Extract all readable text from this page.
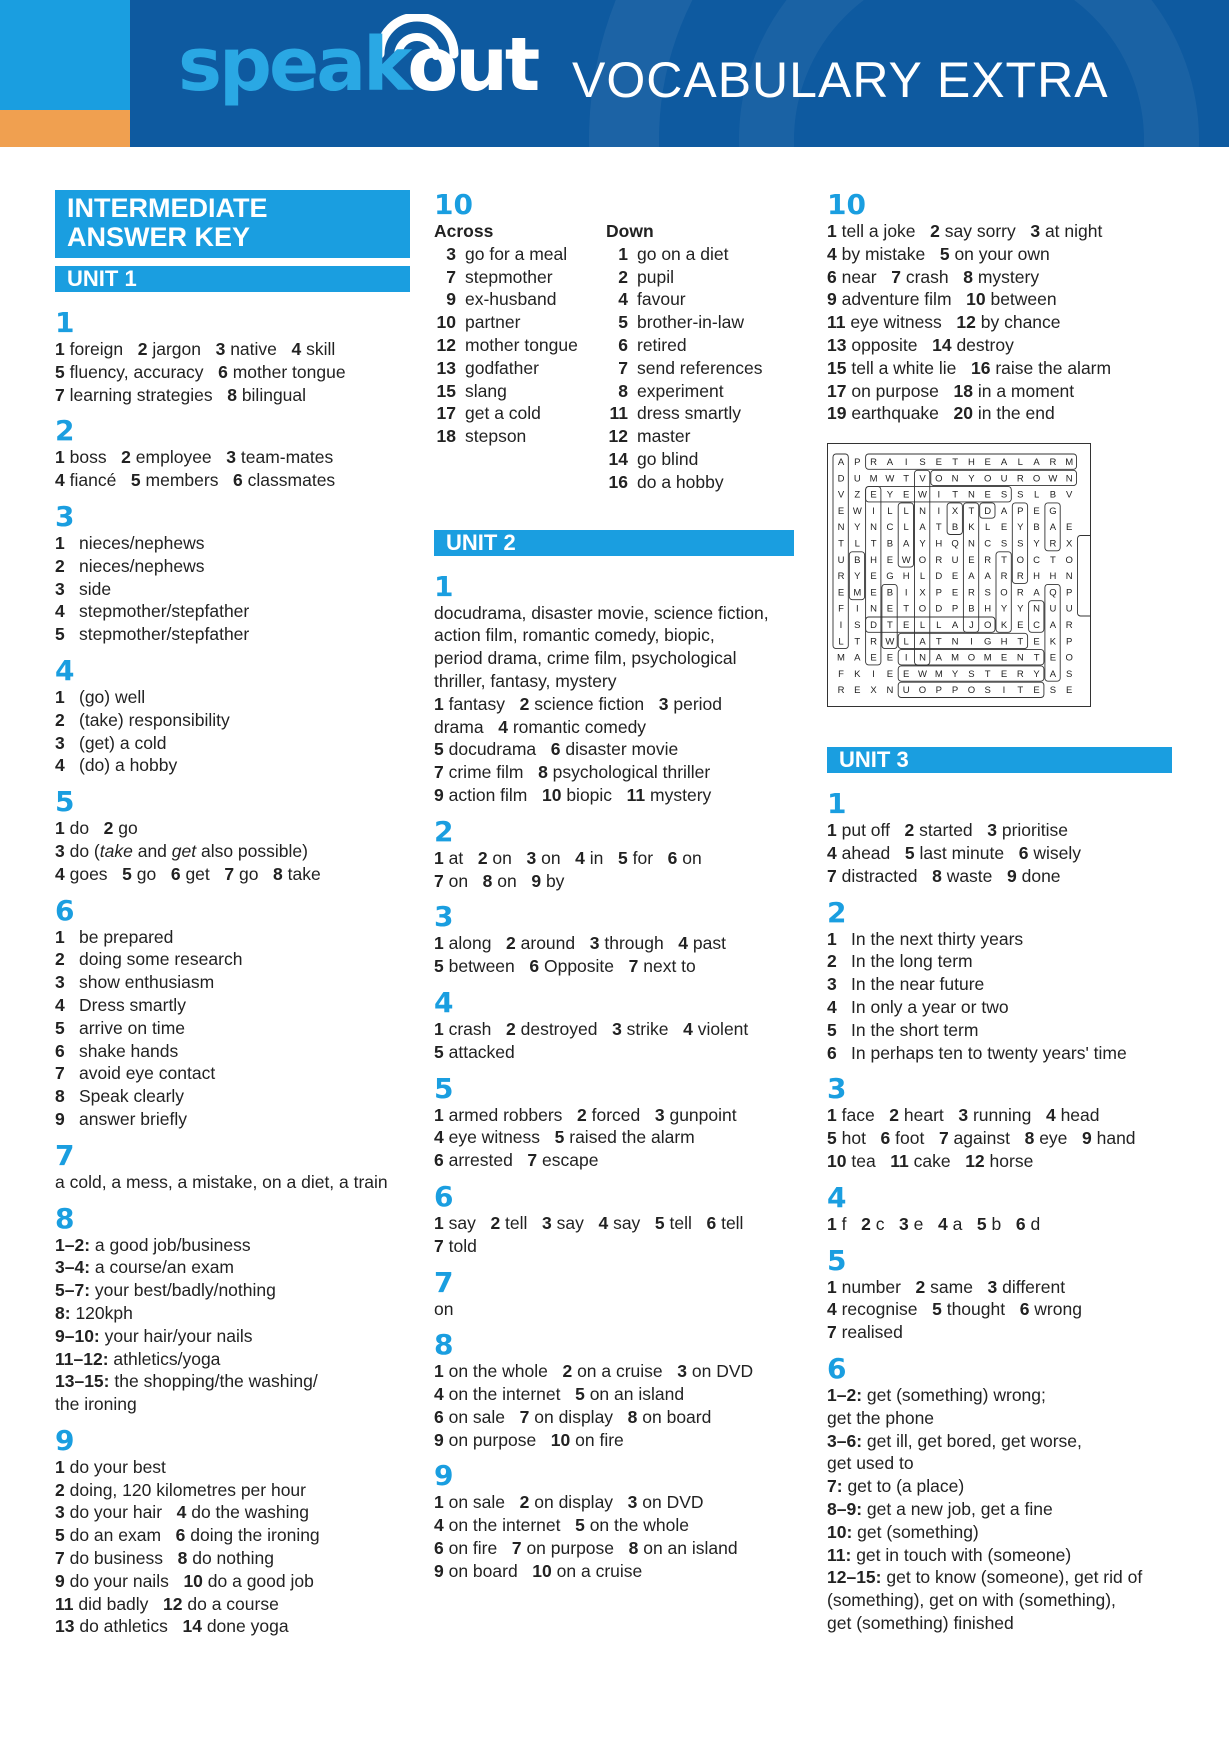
speakout VOCABULARY EXTRA
INTERMEDIATE
ANSWER KEY
UNIT 1
1
1 foreign 2 jargon 3 native 4 skill
5 fluency, accuracy 6 mother tongue
7 learning strategies 8 bilingual
2
1 boss 2 employee 3 team-mates
4 fiancé 5 members 6 classmates
3
1 nieces/nephews
2 nieces/nephews
3 side
4 stepmother/stepfather
5 stepmother/stepfather
4
1 (go) well
2 (take) responsibility
3 (get) a cold
4 (do) a hobby
5
1 do 2 go
3 do (take and get also possible)
4 goes 5 go 6 get 7 go 8 take
6
1 be prepared
2 doing some research
3 show enthusiasm
4 Dress smartly
5 arrive on time
6 shake hands
7 avoid eye contact
8 Speak clearly
9 answer briefly
7
a cold, a mess, a mistake, on a diet, a train
8
1–2: a good job/business
3–4: a course/an exam
5–7: your best/badly/nothing
8: 120kph
9–10: your hair/your nails
11–12: athletics/yoga
13–15: the shopping/the washing/
the ironing
9
1 do your best
2 doing, 120 kilometres per hour
3 do your hair 4 do the washing
5 do an exam 6 doing the ironing
7 do business 8 do nothing
9 do your nails 10 do a good job
11 did badly 12 do a course
13 do athletics 14 done yoga
10
Across
3 go for a meal
7 stepmother
9 ex-husband
10 partner
12 mother tongue
13 godfather
15 slang
17 get a cold
18 stepson
Down
1 go on a diet
2 pupil
4 favour
5 brother-in-law
6 retired
7 send references
8 experiment
11 dress smartly
12 master
14 go blind
16 do a hobby
UNIT 2
1
docudrama, disaster movie, science fiction,
action film, romantic comedy, biopic,
period drama, crime film, psychological
thriller, fantasy, mystery
1 fantasy 2 science fiction 3 period
drama 4 romantic comedy
5 docudrama 6 disaster movie
7 crime film 8 psychological thriller
9 action film 10 biopic 11 mystery
2
1 at 2 on 3 on 4 in 5 for 6 on
7 on 8 on 9 by
3
1 along 2 around 3 through 4 past
5 between 6 Opposite 7 next to
4
1 crash 2 destroyed 3 strike 4 violent
5 attacked
5
1 armed robbers 2 forced 3 gunpoint
4 eye witness 5 raised the alarm
6 arrested 7 escape
6
1 say 2 tell 3 say 4 say 5 tell 6 tell
7 told
7
on
8
1 on the whole 2 on a cruise 3 on DVD
4 on the internet 5 on an island
6 on sale 7 on display 8 on board
9 on purpose 10 on fire
9
1 on sale 2 on display 3 on DVD
4 on the internet 5 on the whole
6 on fire 7 on purpose 8 on an island
9 on board 10 on a cruise
10
1 tell a joke 2 say sorry 3 at night
4 by mistake 5 on your own
6 near 7 crash 8 mystery
9 adventure film 10 between
11 eye witness 12 by chance
13 opposite 14 destroy
15 tell a white lie 16 raise the alarm
17 on purpose 18 in a moment
19 earthquake 20 in the end
A P R A I S E T H E A L A R M
D U M W T V O N Y O U R O W N
V Z E Y E W I T N E S S L B V
E W I L L N I X T D A P E G
N Y N C L A T B K L E Y B A E
T L T B A Y H Q N C S S Y R X
U B H E W O R U E R T O C T O
R Y E G H L D E A A R R H H N
E M E B I X P E R S O R A Q P
F I N E T O D P B H Y Y N U U
I S D T E L L A J O K E C A R
L T R W L A T N I G H T E K P
M A E E I N A M O M E N T E O
F K I E E W M Y S T E R Y A S
R E X N U O P P O S I T E S E
UNIT 3
1
1 put off 2 started 3 prioritise
4 ahead 5 last minute 6 wisely
7 distracted 8 waste 9 done
2
1 In the next thirty years
2 In the long term
3 In the near future
4 In only a year or two
5 In the short term
6 In perhaps ten to twenty years' time
3
1 face 2 heart 3 running 4 head
5 hot 6 foot 7 against 8 eye 9 hand
10 tea 11 cake 12 horse
4
1 f 2 c 3 e 4 a 5 b 6 d
5
1 number 2 same 3 different
4 recognise 5 thought 6 wrong
7 realised
6
1–2: get (something) wrong;
get the phone
3–6: get ill, get bored, get worse,
get used to
7: get to (a place)
8–9: get a new job, get a fine
10: get (something)
11: get in touch with (someone)
12–15: get to know (someone), get rid of
(something), get on with (something),
get (something) finished
